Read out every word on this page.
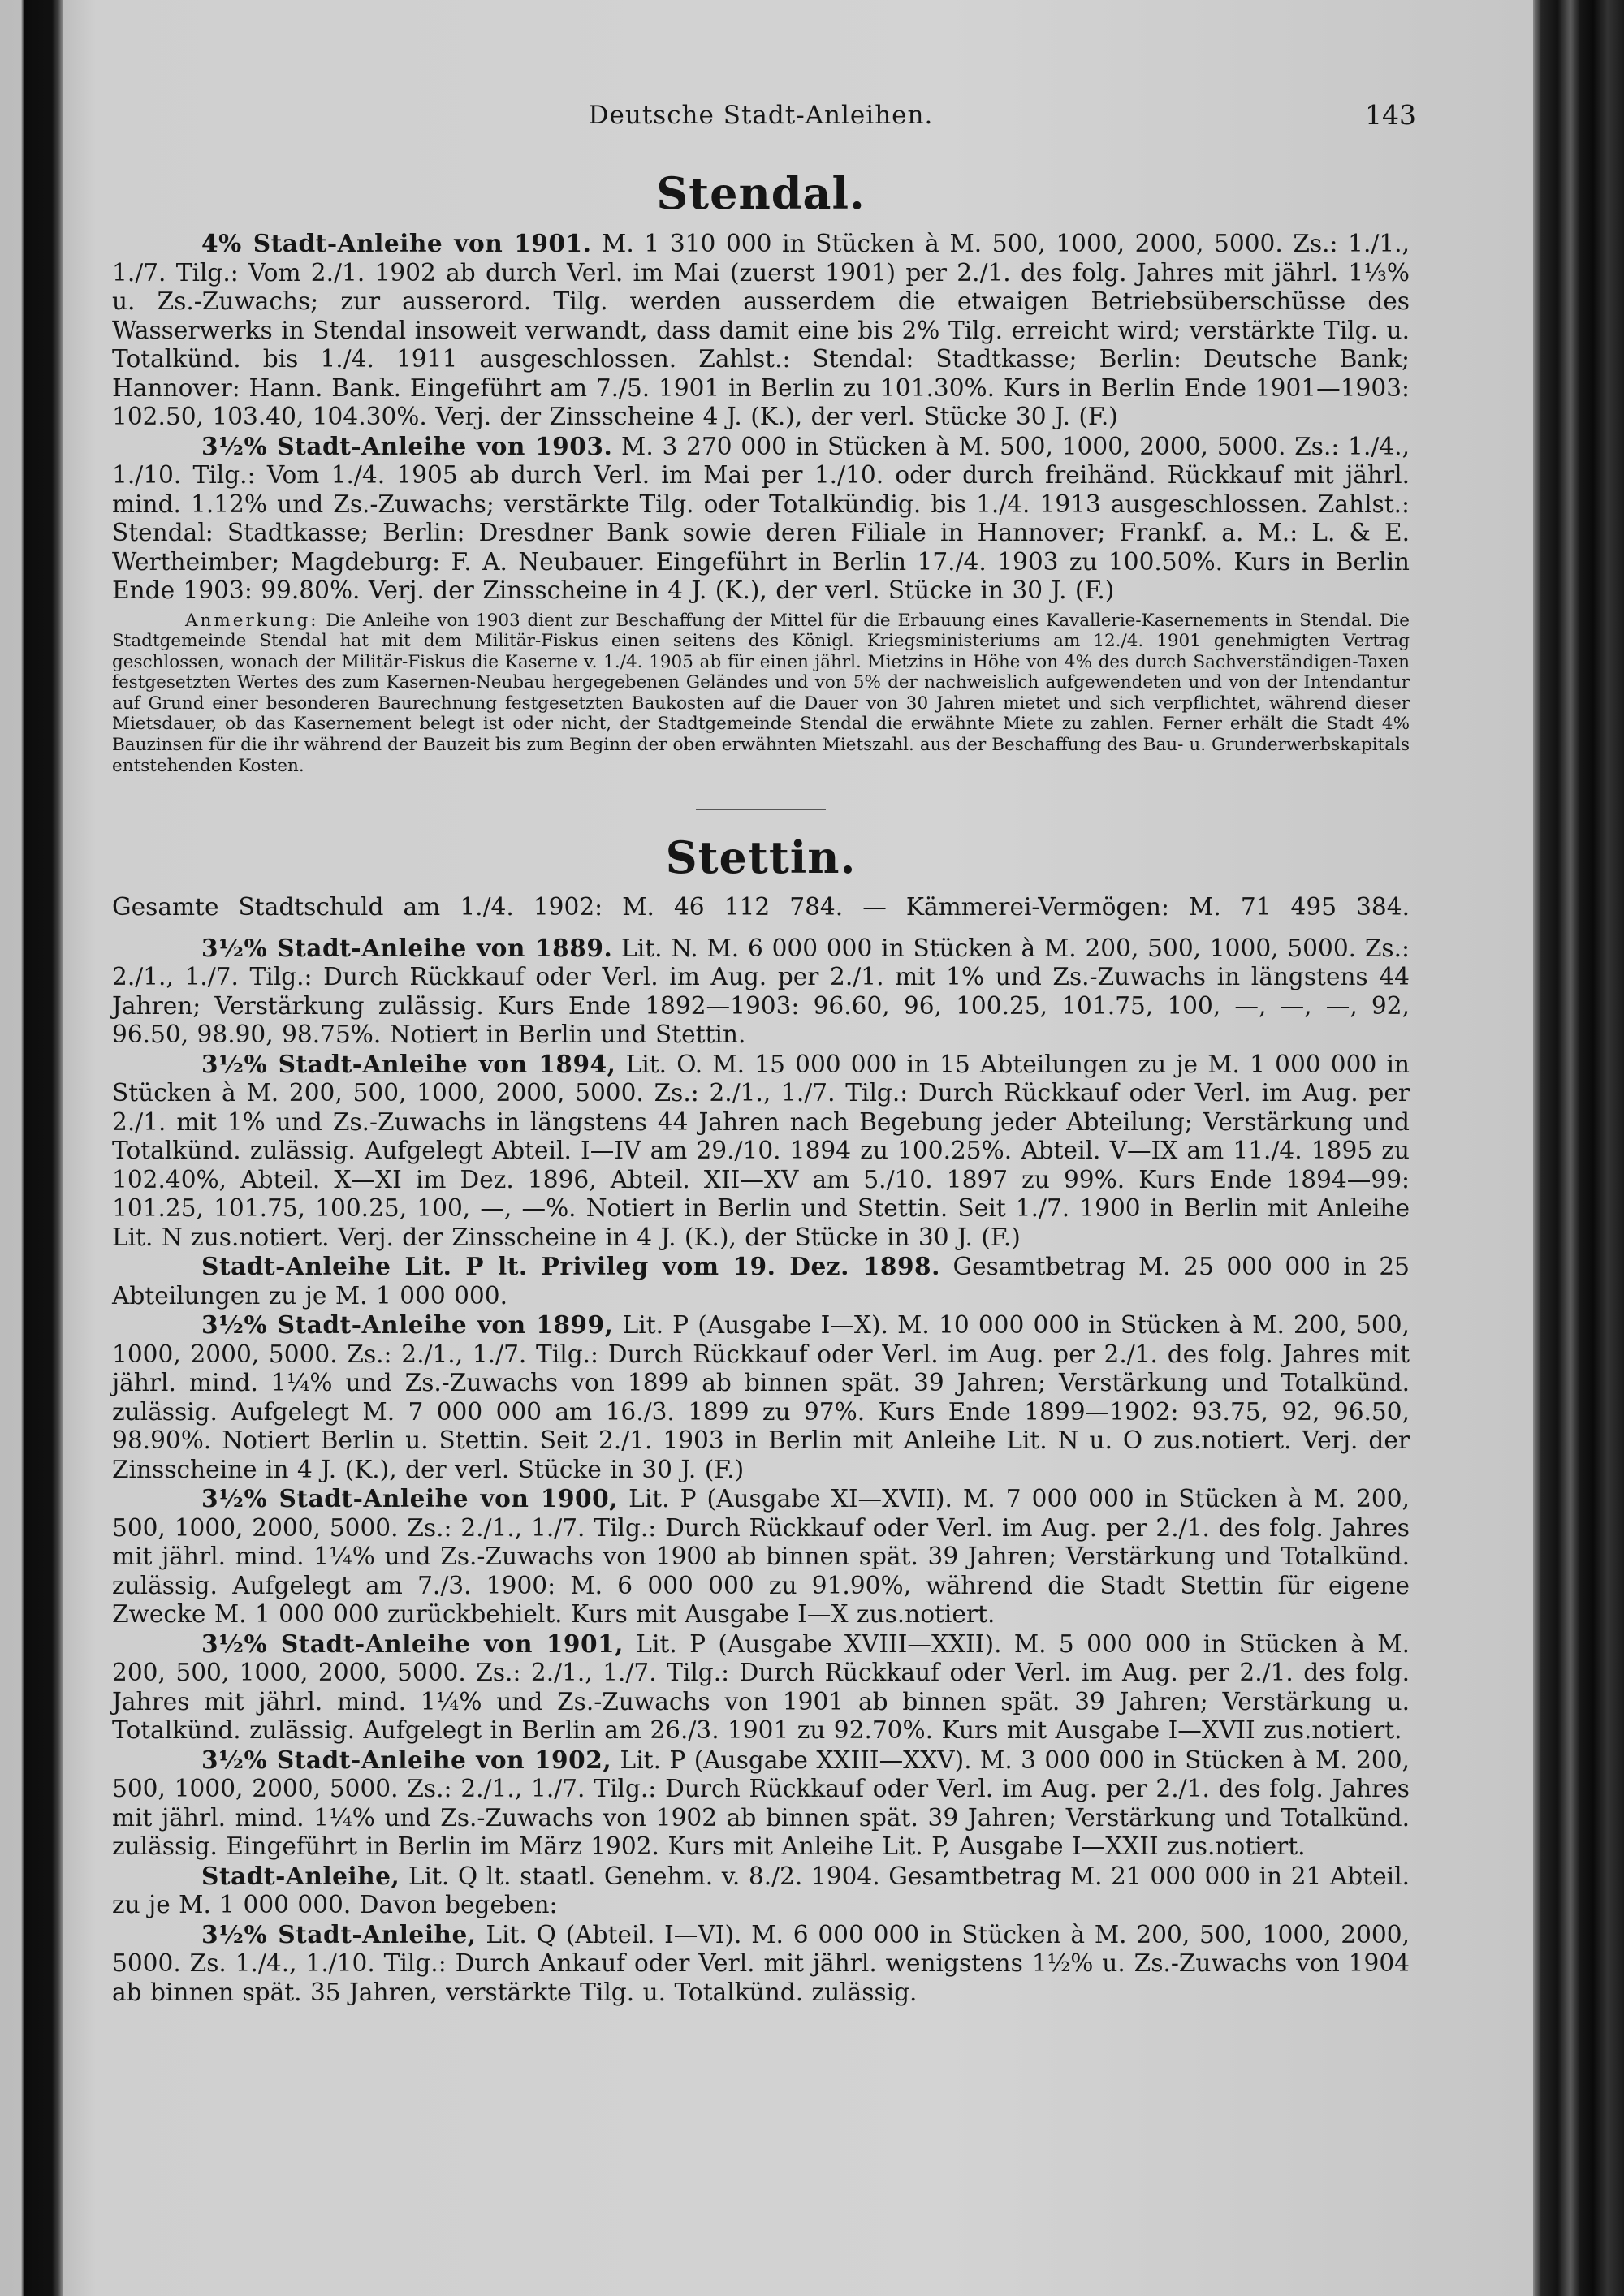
Deutsche Stadt-Anleihen.	143
Stendal.

4% Stadt-Anleihe von 1901. M. 1 310 000 in Stücken à M. 500, 1000, 2000, 5000. Zs.: 1./1., 1./7. Tilg.: Vom 2./1. 1902 ab durch Verl. im Mai (zuerst 1901) per 2./1. des folg. Jahres mit jährl. 1⅓% u. Zs.-Zuwachs; zur ausserord. Tilg. werden ausserdem die etwaigen Betriebsüberschüsse des Wasserwerks in Stendal insoweit verwandt, dass damit eine bis 2% Tilg. erreicht wird; verstärkte Tilg. u. Totalkünd. bis 1./4. 1911 ausgeschlossen. Zahlst.: Stendal: Stadtkasse; Berlin: Deutsche Bank; Hannover: Hann. Bank. Eingeführt am 7./5. 1901 in Berlin zu 101.30%. Kurs in Berlin Ende 1901—1903: 102.50, 103.40, 104.30%. Verj. der Zinsscheine 4 J. (K.), der verl. Stücke 30 J. (F.)

3½% Stadt-Anleihe von 1903. M. 3 270 000 in Stücken à M. 500, 1000, 2000, 5000. Zs.: 1./4., 1./10. Tilg.: Vom 1./4. 1905 ab durch Verl. im Mai per 1./10. oder durch freihänd. Rückkauf mit jährl. mind. 1.12% und Zs.-Zuwachs; verstärkte Tilg. oder Totalkündig. bis 1./4. 1913 ausgeschlossen. Zahlst.: Stendal: Stadtkasse; Berlin: Dresdner Bank sowie deren Filiale in Hannover; Frankf. a. M.: L. & E. Wertheimber; Magdeburg: F. A. Neubauer. Eingeführt in Berlin 17./4. 1903 zu 100.50%. Kurs in Berlin Ende 1903: 99.80%. Verj. der Zinsscheine in 4 J. (K.), der verl. Stücke in 30 J. (F.)

Anmerkung: Die Anleihe von 1903 dient zur Beschaffung der Mittel für die Erbauung eines Kavallerie-Kasernements in Stendal. Die Stadtgemeinde Stendal hat mit dem Militär-Fiskus einen seitens des Königl. Kriegsministeriums am 12./4. 1901 genehmigten Vertrag geschlossen, wonach der Militär-Fiskus die Kaserne v. 1./4. 1905 ab für einen jährl. Mietzins in Höhe von 4% des durch Sachverständigen-Taxen festgesetzten Wertes des zum Kasernen-Neubau hergegebenen Geländes und von 5% der nachweislich aufgewendeten und von der Intendantur auf Grund einer besonderen Baurechnung festgesetzten Baukosten auf die Dauer von 30 Jahren mietet und sich verpflichtet, während dieser Mietsdauer, ob das Kasernement belegt ist oder nicht, der Stadtgemeinde Stendal die erwähnte Miete zu zahlen. Ferner erhält die Stadt 4% Bauzinsen für die ihr während der Bauzeit bis zum Beginn der oben erwähnten Mietszahl. aus der Beschaffung des Bau- u. Grunderwerbskapitals entstehenden Kosten.

Stettin.

Gesamte Stadtschuld am 1./4. 1902: M. 46 112 784. — Kämmerei-Vermögen: M. 71 495 384.

3½% Stadt-Anleihe von 1889. Lit. N. M. 6 000 000 in Stücken à M. 200, 500, 1000, 5000. Zs.: 2./1., 1./7. Tilg.: Durch Rückkauf oder Verl. im Aug. per 2./1. mit 1% und Zs.-Zuwachs in längstens 44 Jahren; Verstärkung zulässig. Kurs Ende 1892—1903: 96.60, 96, 100.25, 101.75, 100, —, —, —, 92, 96.50, 98.90, 98.75%. Notiert in Berlin und Stettin.

3½% Stadt-Anleihe von 1894, Lit. O. M. 15 000 000 in 15 Abteilungen zu je M. 1 000 000 in Stücken à M. 200, 500, 1000, 2000, 5000. Zs.: 2./1., 1./7. Tilg.: Durch Rückkauf oder Verl. im Aug. per 2./1. mit 1% und Zs.-Zuwachs in längstens 44 Jahren nach Begebung jeder Abteilung; Verstärkung und Totalkünd. zulässig. Aufgelegt Abteil. I—IV am 29./10. 1894 zu 100.25%. Abteil. V—IX am 11./4. 1895 zu 102.40%, Abteil. X—XI im Dez. 1896, Abteil. XII—XV am 5./10. 1897 zu 99%. Kurs Ende 1894—99: 101.25, 101.75, 100.25, 100, —, —%. Notiert in Berlin und Stettin. Seit 1./7. 1900 in Berlin mit Anleihe Lit. N zus.notiert. Verj. der Zinsscheine in 4 J. (K.), der Stücke in 30 J. (F.)

Stadt-Anleihe Lit. P lt. Privileg vom 19. Dez. 1898. Gesamtbetrag M. 25 000 000 in 25 Abteilungen zu je M. 1 000 000.

3½% Stadt-Anleihe von 1899, Lit. P (Ausgabe I—X). M. 10 000 000 in Stücken à M. 200, 500, 1000, 2000, 5000. Zs.: 2./1., 1./7. Tilg.: Durch Rückkauf oder Verl. im Aug. per 2./1. des folg. Jahres mit jährl. mind. 1¼% und Zs.-Zuwachs von 1899 ab binnen spät. 39 Jahren; Verstärkung und Totalkünd. zulässig. Aufgelegt M. 7 000 000 am 16./3. 1899 zu 97%. Kurs Ende 1899—1902: 93.75, 92, 96.50, 98.90%. Notiert Berlin u. Stettin. Seit 2./1. 1903 in Berlin mit Anleihe Lit. N u. O zus.notiert. Verj. der Zinsscheine in 4 J. (K.), der verl. Stücke in 30 J. (F.)

3½% Stadt-Anleihe von 1900, Lit. P (Ausgabe XI—XVII). M. 7 000 000 in Stücken à M. 200, 500, 1000, 2000, 5000. Zs.: 2./1., 1./7. Tilg.: Durch Rückkauf oder Verl. im Aug. per 2./1. des folg. Jahres mit jährl. mind. 1¼% und Zs.-Zuwachs von 1900 ab binnen spät. 39 Jahren; Verstärkung und Totalkünd. zulässig. Aufgelegt am 7./3. 1900: M. 6 000 000 zu 91.90%, während die Stadt Stettin für eigene Zwecke M. 1 000 000 zurückbehielt. Kurs mit Ausgabe I—X zus.notiert.

3½% Stadt-Anleihe von 1901, Lit. P (Ausgabe XVIII—XXII). M. 5 000 000 in Stücken à M. 200, 500, 1000, 2000, 5000. Zs.: 2./1., 1./7. Tilg.: Durch Rückkauf oder Verl. im Aug. per 2./1. des folg. Jahres mit jährl. mind. 1¼% und Zs.-Zuwachs von 1901 ab binnen spät. 39 Jahren; Verstärkung u. Totalkünd. zulässig. Aufgelegt in Berlin am 26./3. 1901 zu 92.70%. Kurs mit Ausgabe I—XVII zus.notiert.

3½% Stadt-Anleihe von 1902, Lit. P (Ausgabe XXIII—XXV). M. 3 000 000 in Stücken à M. 200, 500, 1000, 2000, 5000. Zs.: 2./1., 1./7. Tilg.: Durch Rückkauf oder Verl. im Aug. per 2./1. des folg. Jahres mit jährl. mind. 1¼% und Zs.-Zuwachs von 1902 ab binnen spät. 39 Jahren; Verstärkung und Totalkünd. zulässig. Eingeführt in Berlin im März 1902. Kurs mit Anleihe Lit. P, Ausgabe I—XXII zus.notiert.

Stadt-Anleihe, Lit. Q lt. staatl. Genehm. v. 8./2. 1904. Gesamtbetrag M. 21 000 000 in 21 Abteil. zu je M. 1 000 000. Davon begeben:

3½% Stadt-Anleihe, Lit. Q (Abteil. I—VI). M. 6 000 000 in Stücken à M. 200, 500, 1000, 2000, 5000. Zs. 1./4., 1./10. Tilg.: Durch Ankauf oder Verl. mit jährl. wenigstens 1½% u. Zs.-Zuwachs von 1904 ab binnen spät. 35 Jahren, verstärkte Tilg. u. Totalkünd. zulässig.
